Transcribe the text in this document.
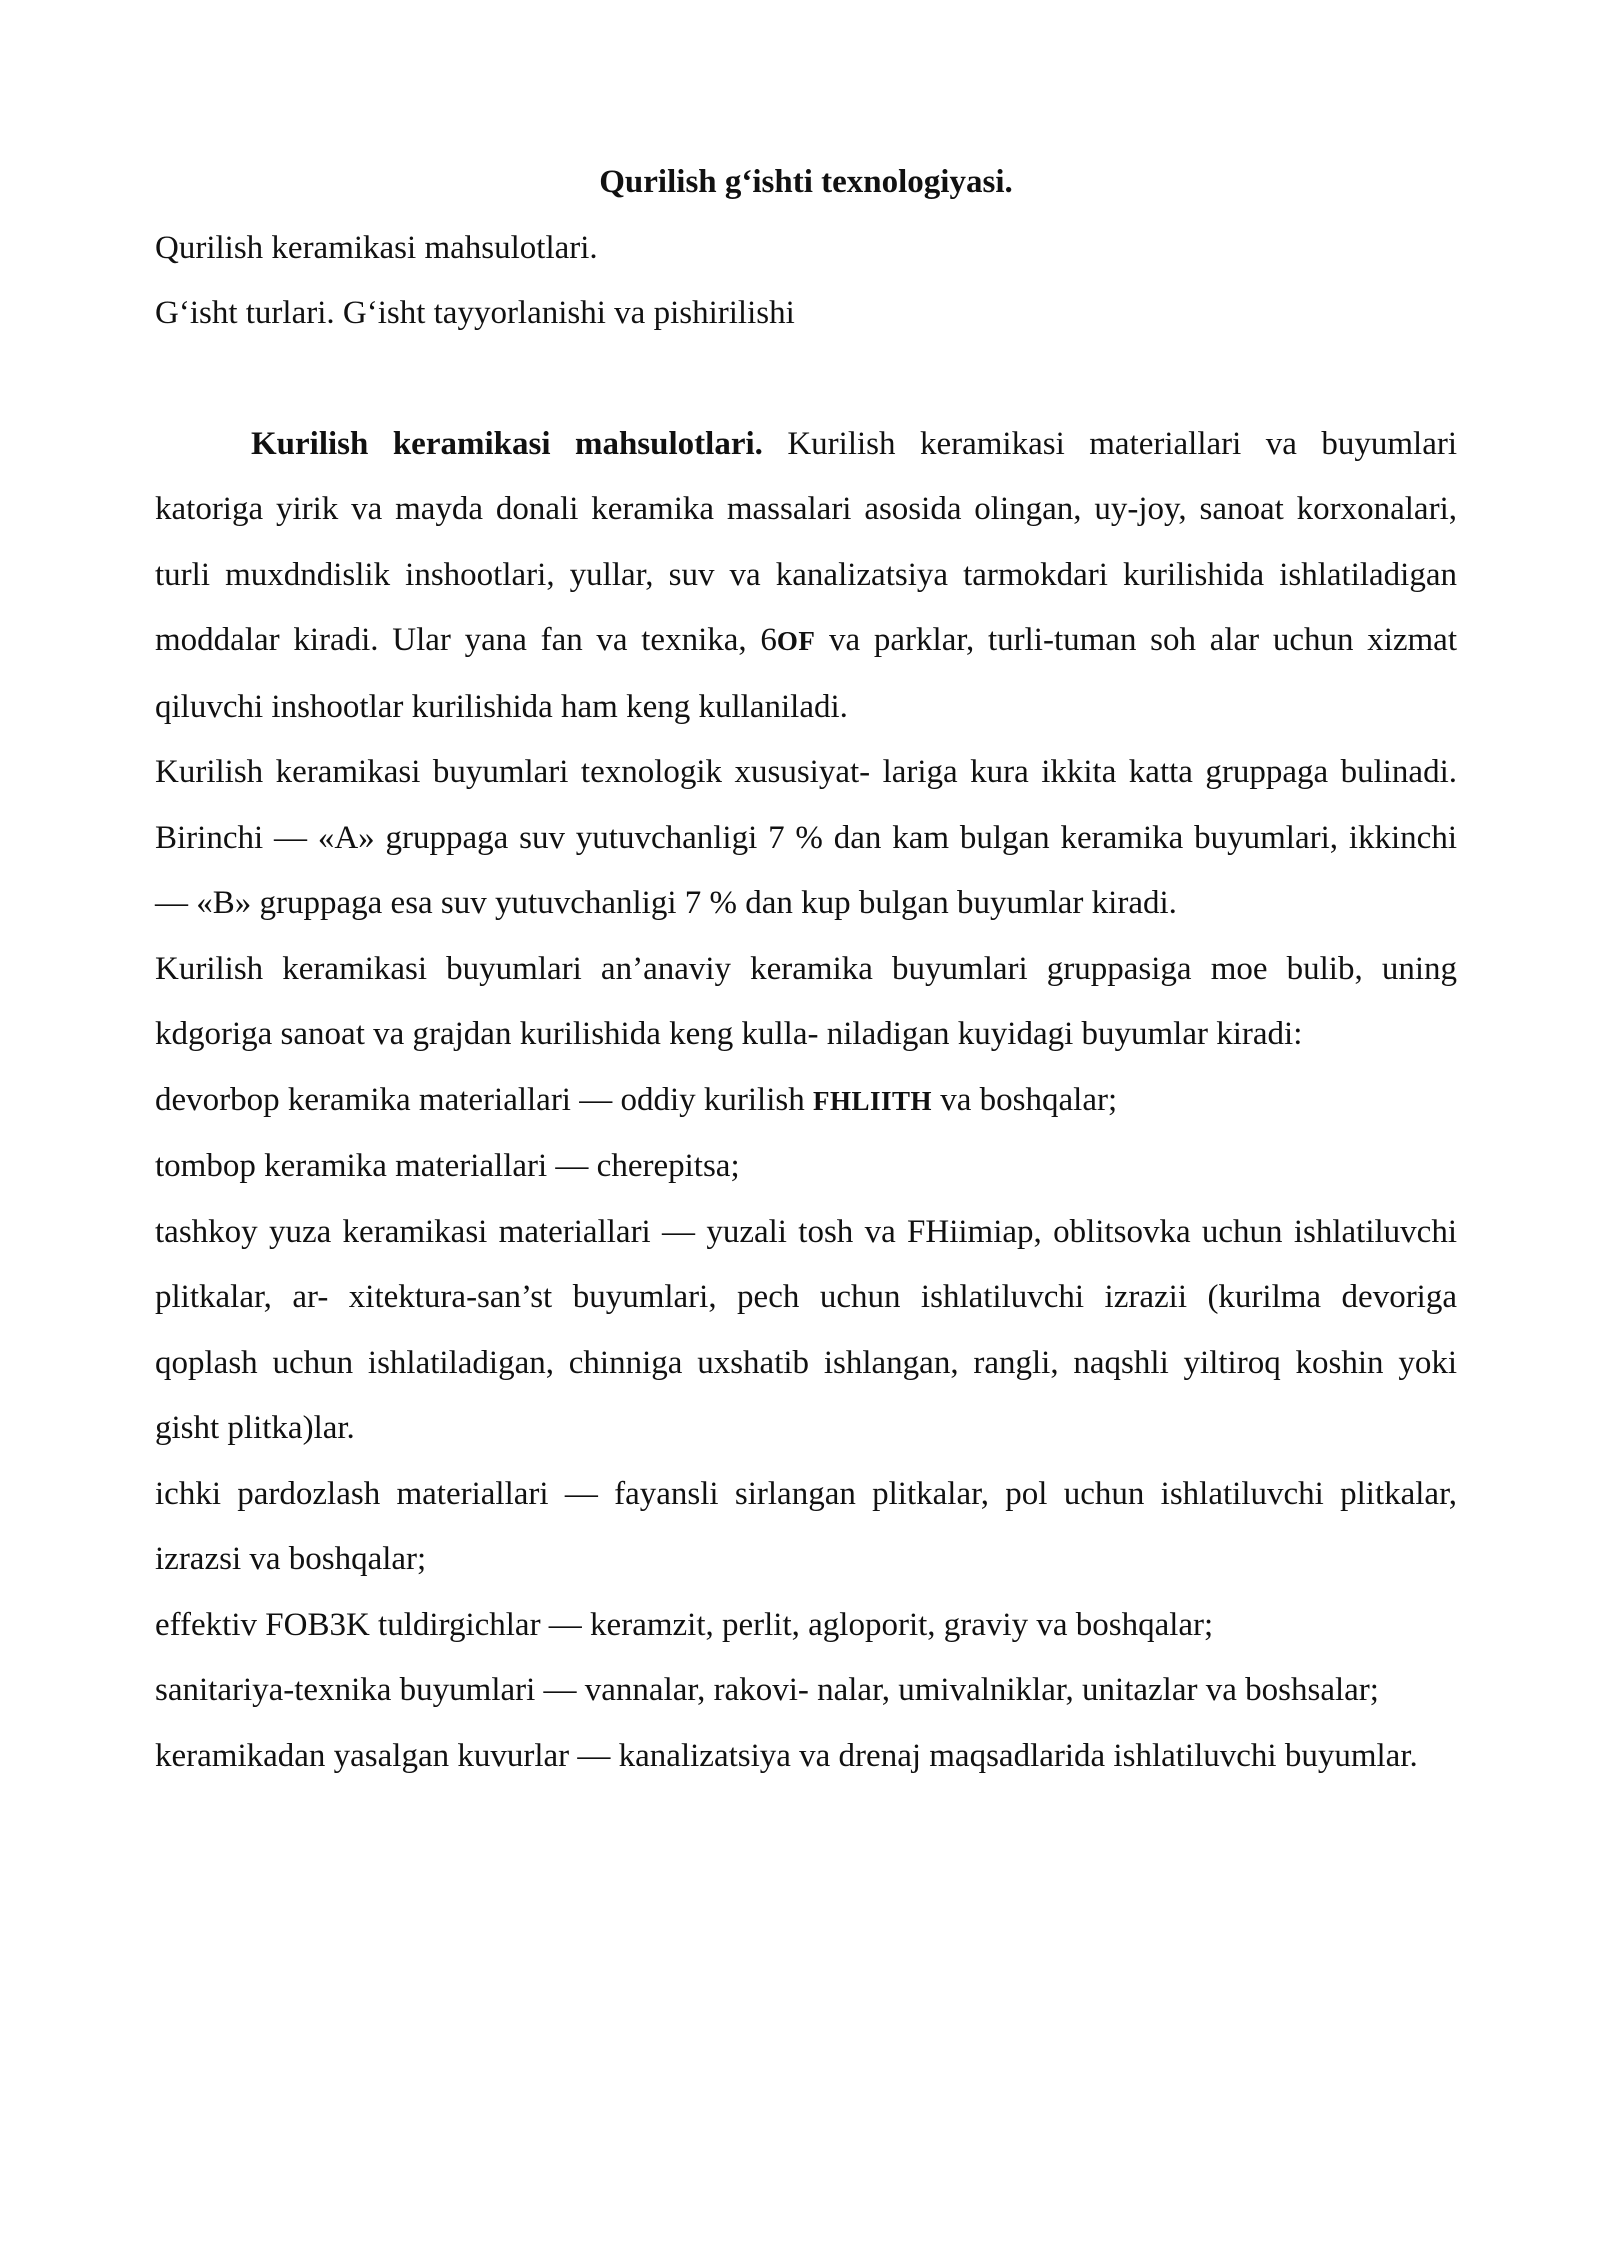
Qurilish g‘ishti texnologiyasi.

Qurilish keramikasi mahsulotlari.

G‘isht turlari. G‘isht tayyorlanishi va pishirilishi

Kurilish keramikasi mahsulotlari. Kurilish keramikasi materiallari va buyumlari katoriga yirik va mayda donali keramika massalari asosida olingan, uy-joy, sanoat korxonalari, turli muxdndislik inshootlari, yullar, suv va kanalizatsiya tarmokdari kurilishida ishlatiladigan moddalar kiradi. Ular yana fan va texnika, 6OF va parklar, turli-tuman soh alar uchun xizmat qiluvchi inshootlar kurilishida ham keng kullaniladi.

Kurilish keramikasi buyumlari texnologik xususiyat- lariga kura ikkita katta gruppaga bulinadi. Birinchi — «A» gruppaga suv yutuvchanligi 7 % dan kam bulgan keramika buyumlari, ikkinchi — «B» gruppaga esa suv yutuvchanligi 7 % dan kup bulgan buyumlar kiradi.

Kurilish keramikasi buyumlari an’anaviy keramika buyumlari gruppasiga moe bulib, uning kdgoriga sanoat va grajdan kurilishida keng kulla- niladigan kuyidagi buyumlar kiradi:

devorbop keramika materiallari — oddiy kurilish FHLIITH va boshqalar;

tombop keramika materiallari — cherepitsa;

tashkoy yuza keramikasi materiallari — yuzali tosh va FHiimiap, oblitsovka uchun ishlatiluvchi plitkalar, ar- xitektura-san’st buyumlari, pech uchun ishlatiluvchi izrazii (kurilma devoriga qoplash uchun ishlatiladigan, chinniga uxshatib ishlangan, rangli, naqshli yiltiroq koshin yoki gisht plitka)lar.

ichki pardozlash materiallari — fayansli sirlangan plitkalar, pol uchun ishlatiluvchi plitkalar, izrazsi va boshqalar;

effektiv FOB3K tuldirgichlar — keramzit, perlit, agloporit, graviy va boshqalar;

sanitariya-texnika buyumlari — vannalar, rakovi- nalar, umivalniklar, unitazlar va boshsalar;

keramikadan yasalgan kuvurlar — kanalizatsiya va drenaj maqsadlarida ishlatiluvchi buyumlar.
